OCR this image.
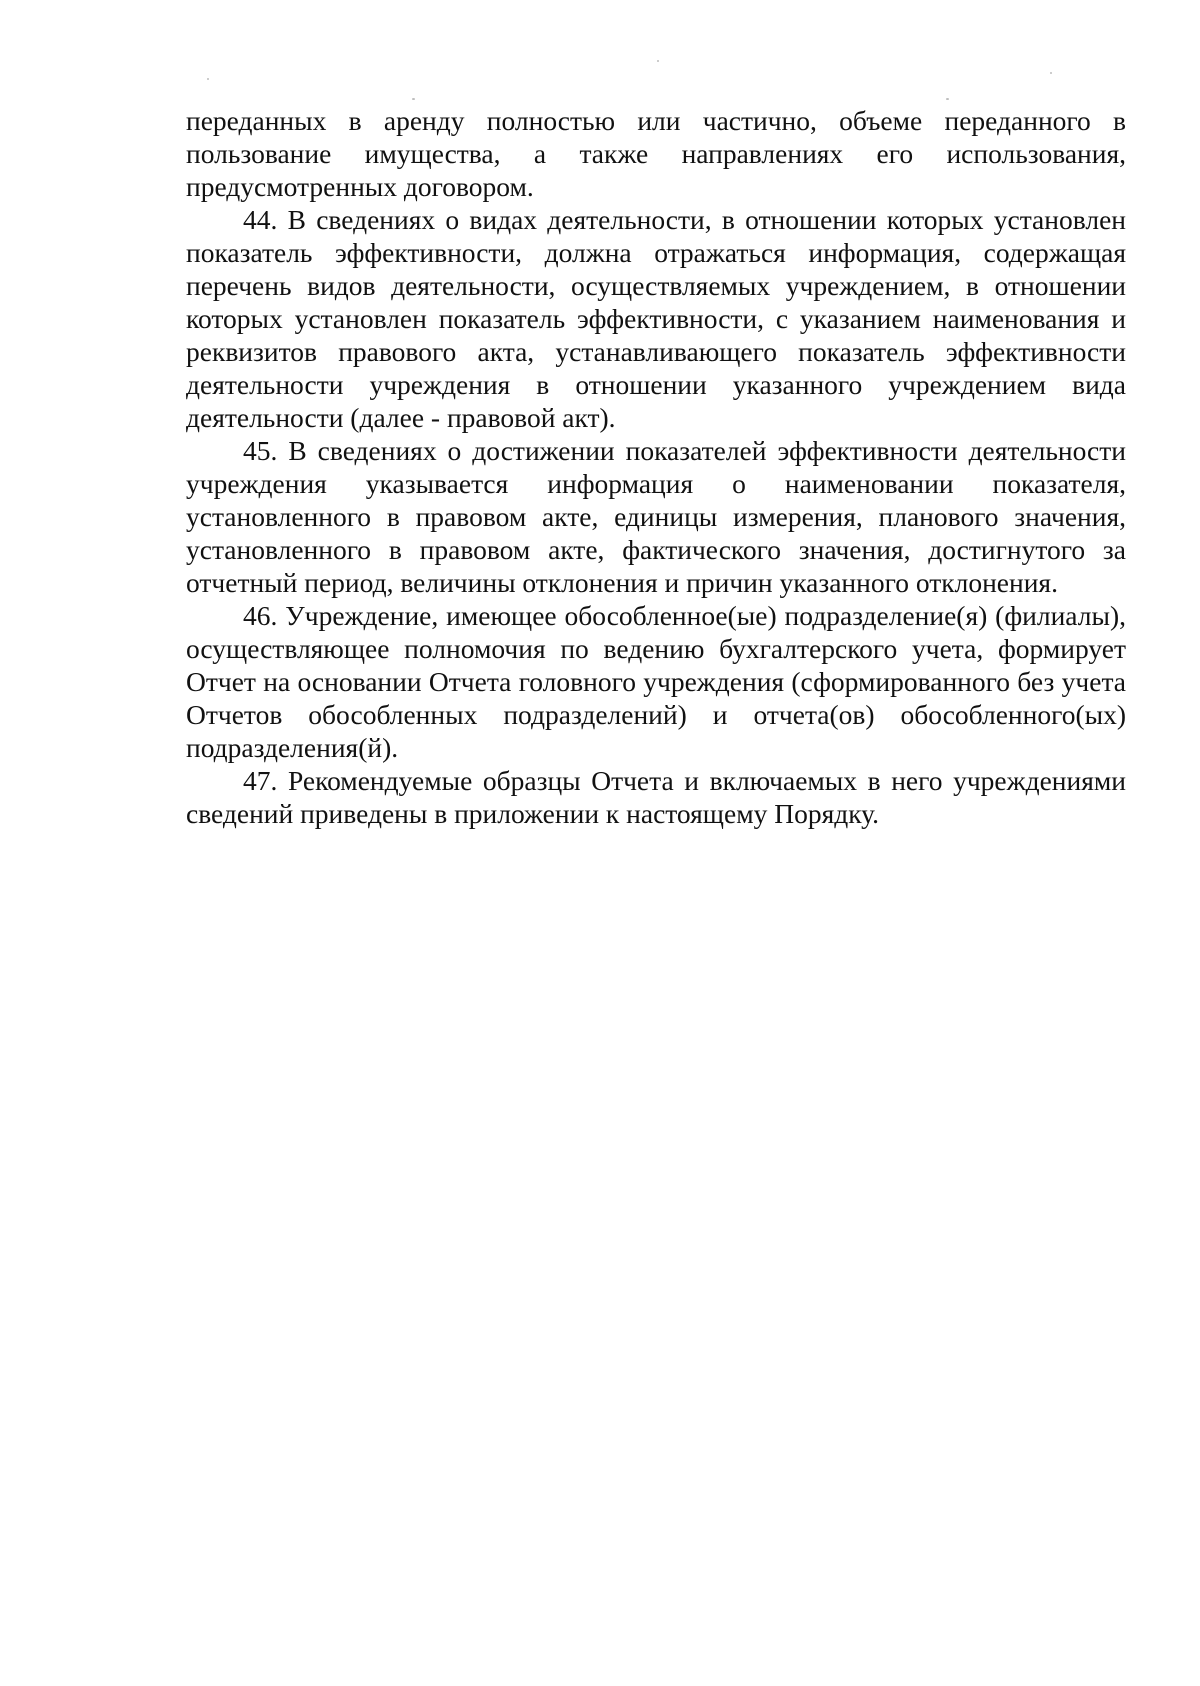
переданных в аренду полностью или частично, объеме переданного в пользование имущества, а также направлениях его использования, предусмотренных договором.

44. В сведениях о видах деятельности, в отношении которых установлен показатель эффективности, должна отражаться информация, содержащая перечень видов деятельности, осуществляемых учреждением, в отношении которых установлен показатель эффективности, с указанием наименования и реквизитов правового акта, устанавливающего показатель эффективности деятельности учреждения в отношении указанного учреждением вида деятельности (далее - правовой акт).

45. В сведениях о достижении показателей эффективности деятельности учреждения указывается информация о наименовании показателя, установленного в правовом акте, единицы измерения, планового значения, установленного в правовом акте, фактического значения, достигнутого за отчетный период, величины отклонения и причин указанного отклонения.

46. Учреждение, имеющее обособленное(ые) подразделение(я) (филиалы), осуществляющее полномочия по ведению бухгалтерского учета, формирует Отчет на основании Отчета головного учреждения (сформированного без учета Отчетов обособленных подразделений) и отчета(ов) обособленного(ых) подразделения(й).

47. Рекомендуемые образцы Отчета и включаемых в него учреждениями сведений приведены в приложении к настоящему Порядку.
